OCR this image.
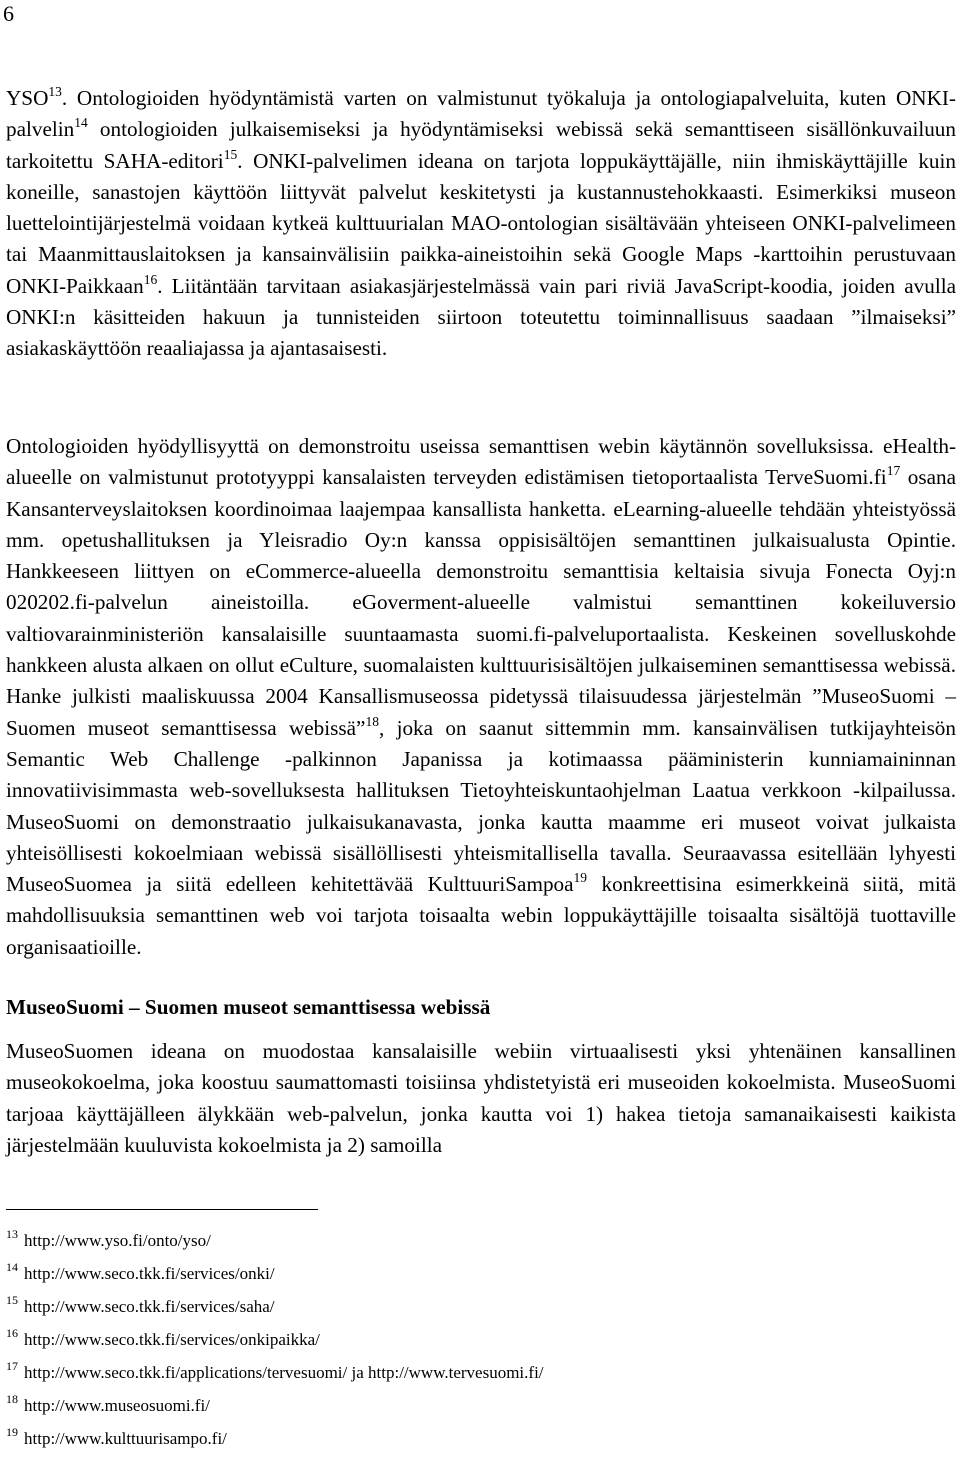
6
YSO$^{13}$. Ontologioiden hyödyntämistä varten on valmistunut työkaluja ja ontologiapalveluita, kuten ONKI-palvelin$^{14}$ ontologioiden julkaisemiseksi ja hyödyntämiseksi webissä sekä semanttiseen sisällönkuvailuun tarkoitettu SAHA-editori$^{15}$. ONKI-palvelimen ideana on tarjota loppukäyttäjälle, niin ihmiskäyttäjille kuin koneille, sanastojen käyttöön liittyvät palvelut keskitetysti ja kustannustehokkaasti. Esimerkiksi museon luettelointijärjestelmä voidaan kytkeä kulttuurialan MAO-ontologian sisältävään yhteiseen ONKI-palvelimeen tai Maanmittauslaitoksen ja kansainvälisiin paikka-aineistoihin sekä Google Maps -karttoihin perustuvaan ONKI-Paikkaan$^{16}$. Liitäntään tarvitaan asiakasjärjestelmässä vain pari riviä JavaScript-koodia, joiden avulla ONKI:n käsitteiden hakuun ja tunnisteiden siirtoon toteutettu toiminnallisuus saadaan ”ilmaiseksi” asiakaskäyttöön reaaliajassa ja ajantasaisesti.
Ontologioiden hyödyllisyyttä on demonstroitu useissa semanttisen webin käytännön sovelluksissa. eHealth-alueelle on valmistunut prototyyppi kansalaisten terveyden edistämisen tietoportaalista $TerveSuomi.fi^{17}$ osana Kansanterveyslaitoksen koordinoimaa laajempaa kansallista hanketta. eLearning-alueelle tehdään yhteistyössä mm. opetushallituksen ja Yleisradio Oy:n kanssa oppisisältöjen semanttinen julkaisualusta Opintie. Hankkeeseen liittyen on eCommerce-alueella demonstroitu semanttisia keltaisia sivuja Fonecta Oyj:n 020202.fi-palvelun aineistoilla. eGoverment-alueelle valmistui semanttinen kokeiluversio valtiovarainministeriön kansalaisille suuntaamasta suomi.fi-palveluportaalista. Keskeinen sovelluskohde hankkeen alusta alkaen on ollut eCulture, suomalaisten kulttuurisisältöjen julkaiseminen semanttisessa webissä. Hanke julkisti maaliskuussa 2004 Kansallismuseossa pidetyssä tilaisuudessa järjestelmän ”MuseoSuomi – Suomen museot semanttisessa webissä”$^{18}$, joka on saanut sittemmin mm. kansainvälisen tutkijayhteisön Semantic Web Challenge -palkinnon Japanissa ja kotimaassa pääministerin kunniamaininnan innovatiivisimmasta web-sovelluksesta hallituksen Tietoyhteiskuntaohjelman Laatua verkkoon -kilpailussa. MuseoSuomi on demonstraatio julkaisukanavasta, jonka kautta maamme eri museot voivat julkaista yhteisöllisesti kokoelmiaan webissä sisällöllisesti yhteismitallisella tavalla. Seuraavassa esitellään lyhyesti MuseoSuomea ja siitä edelleen kehitettävää KulttuuriSampoa$^{19}$ konkreettisina esimerkkeinä siitä, mitä mahdollisuuksia semanttinen web voi tarjota toisaalta webin loppukäyttäjille toisaalta sisältöjä tuottaville organisaatioille.
MuseoSuomi – Suomen museot semanttisessa webissä
MuseoSuomen ideana on muodostaa kansalaisille webiin virtuaalisesti yksi yhtenäinen kansallinen museokokoelma, joka koostuu saumattomasti toisiinsa yhdistetyistä eri museoiden kokoelmista. MuseoSuomi tarjoaa käyttäjälleen älykkään web-palvelun, jonka kautta voi 1) hakea tietoja samanaikaisesti kaikista järjestelmään kuuluvista kokoelmista ja 2) samoilla
$^{13}$ http://www.yso.fi/onto/yso/
$^{14}$ http://www.seco.tkk.fi/services/onki/
$^{15}$ http://www.seco.tkk.fi/services/saha/
$^{16}$ http://www.seco.tkk.fi/services/onkipaikka/
$^{17}$ http://www.seco.tkk.fi/applications/tervesuomi/ ja http://www.tervesuomi.fi/
$^{18}$ http://www.museosuomi.fi/
$^{19}$ http://www.kulttuurisampo.fi/
